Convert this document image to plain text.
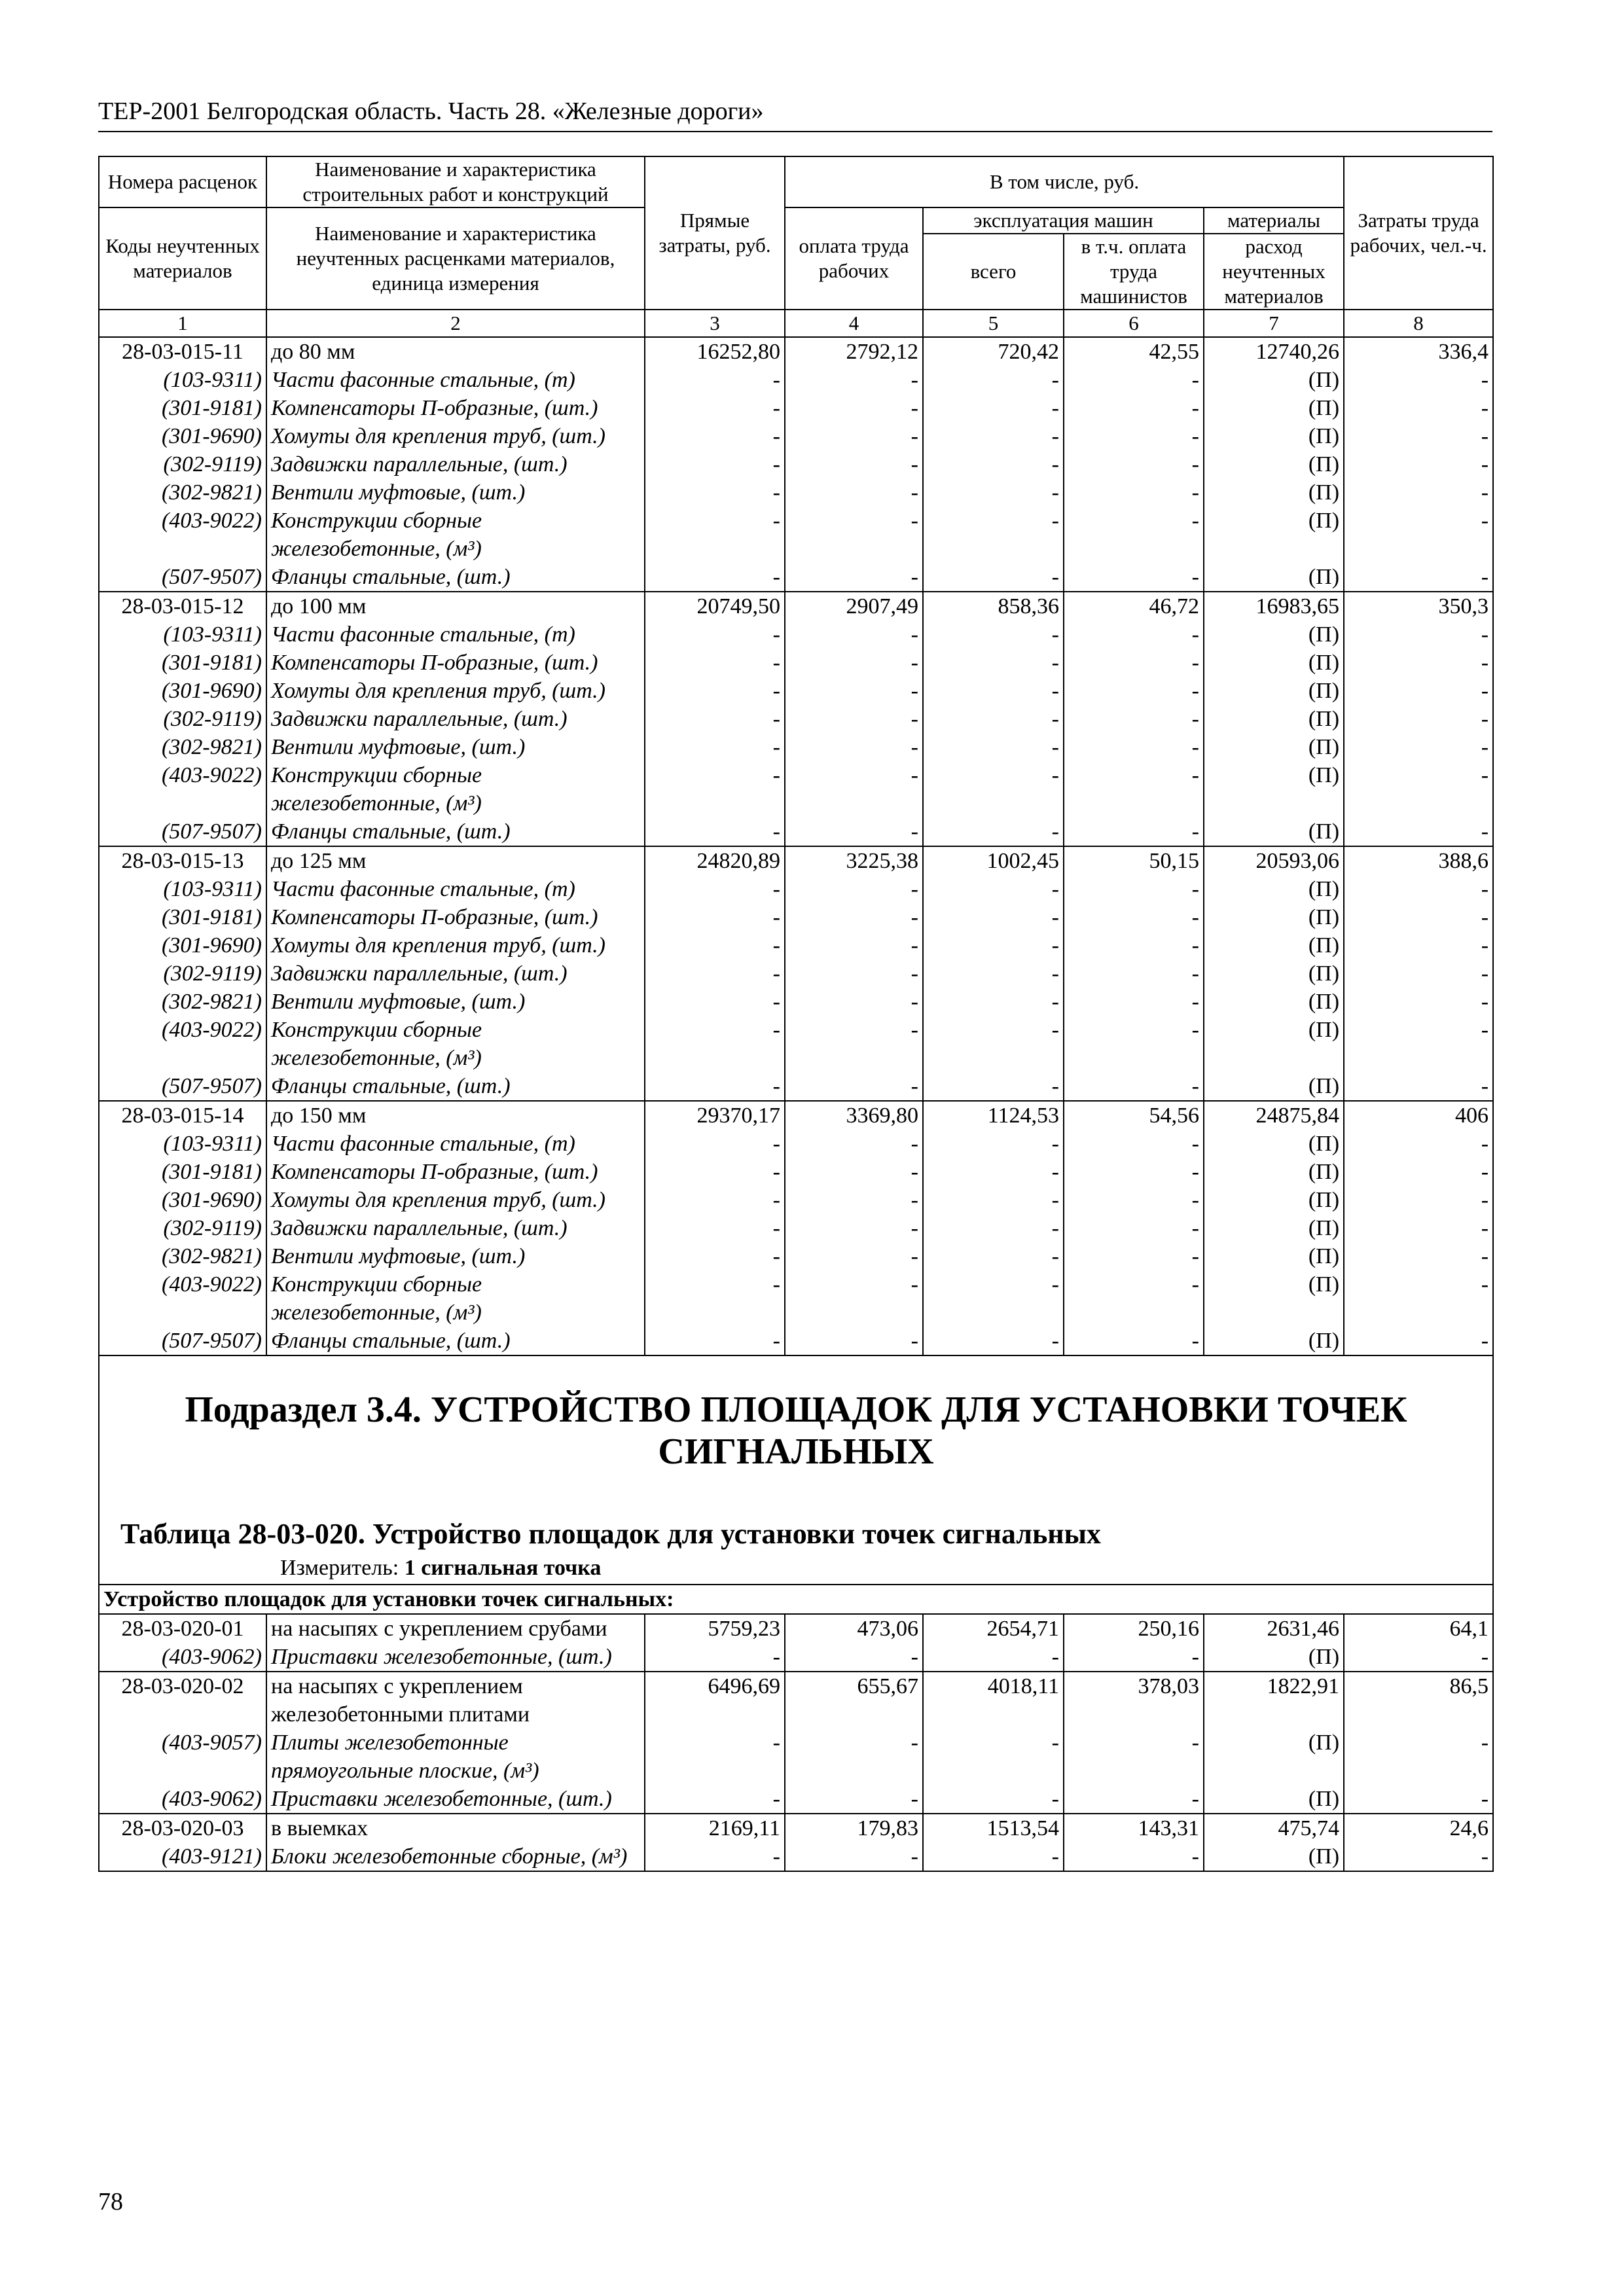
ТЕР-2001 Белгородская область. Часть 28. «Железные дороги»
Номера расценок	Наименование и характеристика строительных работ и конструкций	Прямые затраты, руб.	В том числе, руб.				Затраты труда рабочих, чел.-ч.
Коды неучтенных материалов	Наименование и характеристика неучтенных расценками материалов, единица измерения		оплата труда рабочих	эксплуатация машин		материалы	
				всего	в т.ч. оплата труда машинистов	расход неучтенных материалов	
1	2	3	4	5	6	7	8
28-03-015-11	до 80 мм	16252,80	2792,12	720,42	42,55	12740,26	336,4
(103-9311)	Части фасонные стальные, (т)	-	-	-	-	(П)	-
(301-9181)	Компенсаторы П-образные, (шт.)	-	-	-	-	(П)	-
(301-9690)	Хомуты для крепления труб, (шт.)	-	-	-	-	(П)	-
(302-9119)	Задвижки параллельные, (шт.)	-	-	-	-	(П)	-
(302-9821)	Вентили муфтовые, (шт.)	-	-	-	-	(П)	-
(403-9022)	Конструкции сборные железобетонные, (м³)	-	-	-	-	(П)	-
(507-9507)	Фланцы стальные, (шт.)	-	-	-	-	(П)	-
28-03-015-12	до 100 мм	20749,50	2907,49	858,36	46,72	16983,65	350,3
(103-9311)	Части фасонные стальные, (т)	-	-	-	-	(П)	-
(301-9181)	Компенсаторы П-образные, (шт.)	-	-	-	-	(П)	-
(301-9690)	Хомуты для крепления труб, (шт.)	-	-	-	-	(П)	-
(302-9119)	Задвижки параллельные, (шт.)	-	-	-	-	(П)	-
(302-9821)	Вентили муфтовые, (шт.)	-	-	-	-	(П)	-
(403-9022)	Конструкции сборные железобетонные, (м³)	-	-	-	-	(П)	-
(507-9507)	Фланцы стальные, (шт.)	-	-	-	-	(П)	-
28-03-015-13	до 125 мм	24820,89	3225,38	1002,45	50,15	20593,06	388,6
(103-9311)	Части фасонные стальные, (т)	-	-	-	-	(П)	-
(301-9181)	Компенсаторы П-образные, (шт.)	-	-	-	-	(П)	-
(301-9690)	Хомуты для крепления труб, (шт.)	-	-	-	-	(П)	-
(302-9119)	Задвижки параллельные, (шт.)	-	-	-	-	(П)	-
(302-9821)	Вентили муфтовые, (шт.)	-	-	-	-	(П)	-
(403-9022)	Конструкции сборные железобетонные, (м³)	-	-	-	-	(П)	-
(507-9507)	Фланцы стальные, (шт.)	-	-	-	-	(П)	-
28-03-015-14	до 150 мм	29370,17	3369,80	1124,53	54,56	24875,84	406
(103-9311)	Части фасонные стальные, (т)	-	-	-	-	(П)	-
(301-9181)	Компенсаторы П-образные, (шт.)	-	-	-	-	(П)	-
(301-9690)	Хомуты для крепления труб, (шт.)	-	-	-	-	(П)	-
(302-9119)	Задвижки параллельные, (шт.)	-	-	-	-	(П)	-
(302-9821)	Вентили муфтовые, (шт.)	-	-	-	-	(П)	-
(403-9022)	Конструкции сборные железобетонные, (м³)	-	-	-	-	(П)	-
(507-9507)	Фланцы стальные, (шт.)	-	-	-	-	(П)	-

Подраздел 3.4. УСТРОЙСТВО ПЛОЩАДОК ДЛЯ УСТАНОВКИ ТОЧЕК СИГНАЛЬНЫХ
Таблица 28-03-020. Устройство площадок для установки точек сигнальных
Измеритель: 1 сигнальная точка							

Устройство площадок для установки точек сигнальных:							
28-03-020-01	на насыпях с укреплением срубами	5759,23	473,06	2654,71	250,16	2631,46	64,1
(403-9062)	Приставки железобетонные, (шт.)	-	-	-	-	(П)	-
28-03-020-02	на насыпях с укреплением железобетонными плитами	6496,69	655,67	4018,11	378,03	1822,91	86,5
(403-9057)	Плиты железобетонные прямоугольные плоские, (м³)	-	-	-	-	(П)	-
(403-9062)	Приставки железобетонные, (шт.)	-	-	-	-	(П)	-
28-03-020-03	в выемках	2169,11	179,83	1513,54	143,31	475,74	24,6
(403-9121)	Блоки железобетонные сборные, (м³)	-	-	-	-	(П)	-
78
